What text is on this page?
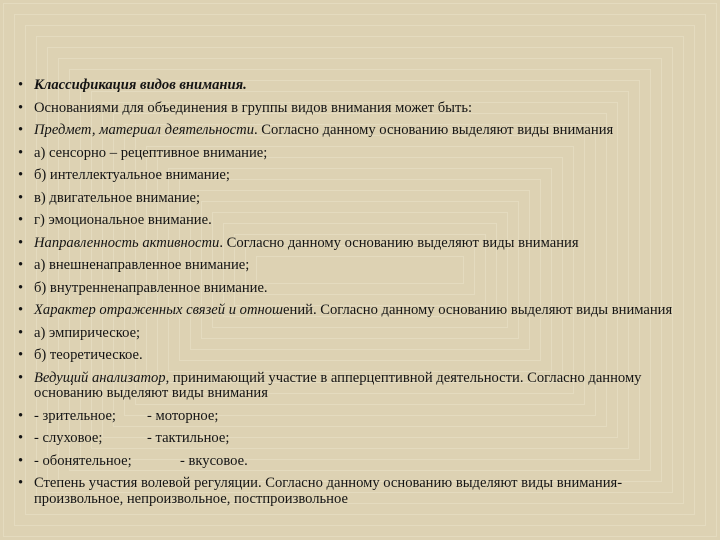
• Классификация видов внимания.
• Основаниями для объединения в группы видов внимания может быть:
• Предмет, материал деятельности. Согласно данному основанию выделяют виды внимания
• а) сенсорно – рецептивное внимание;
• б) интеллектуальное внимание;
• в) двигательное внимание;
• г) эмоциональное внимание.
• Направленность активности. Согласно данному основанию выделяют виды внимания
• а) внешненаправленное внимание;
• б) внутренненаправленное внимание.
• Характер отраженных связей и отношений. Согласно данному основанию выделяют виды внимания
• а) эмпирическое;
• б) теоретическое.
• Ведущий анализатор, принимающий участие в апперцептивной деятельности. Согласно данному основанию выделяют виды внимания
• - зрительное; - моторное;
• - слуховое;	- тактильное;
• - обонятельное;	- вкусовое.
• Степень участия волевой регуляции. Согласно данному основанию выделяют виды внимания- произвольное, непроизвольное, постпроизвольное
